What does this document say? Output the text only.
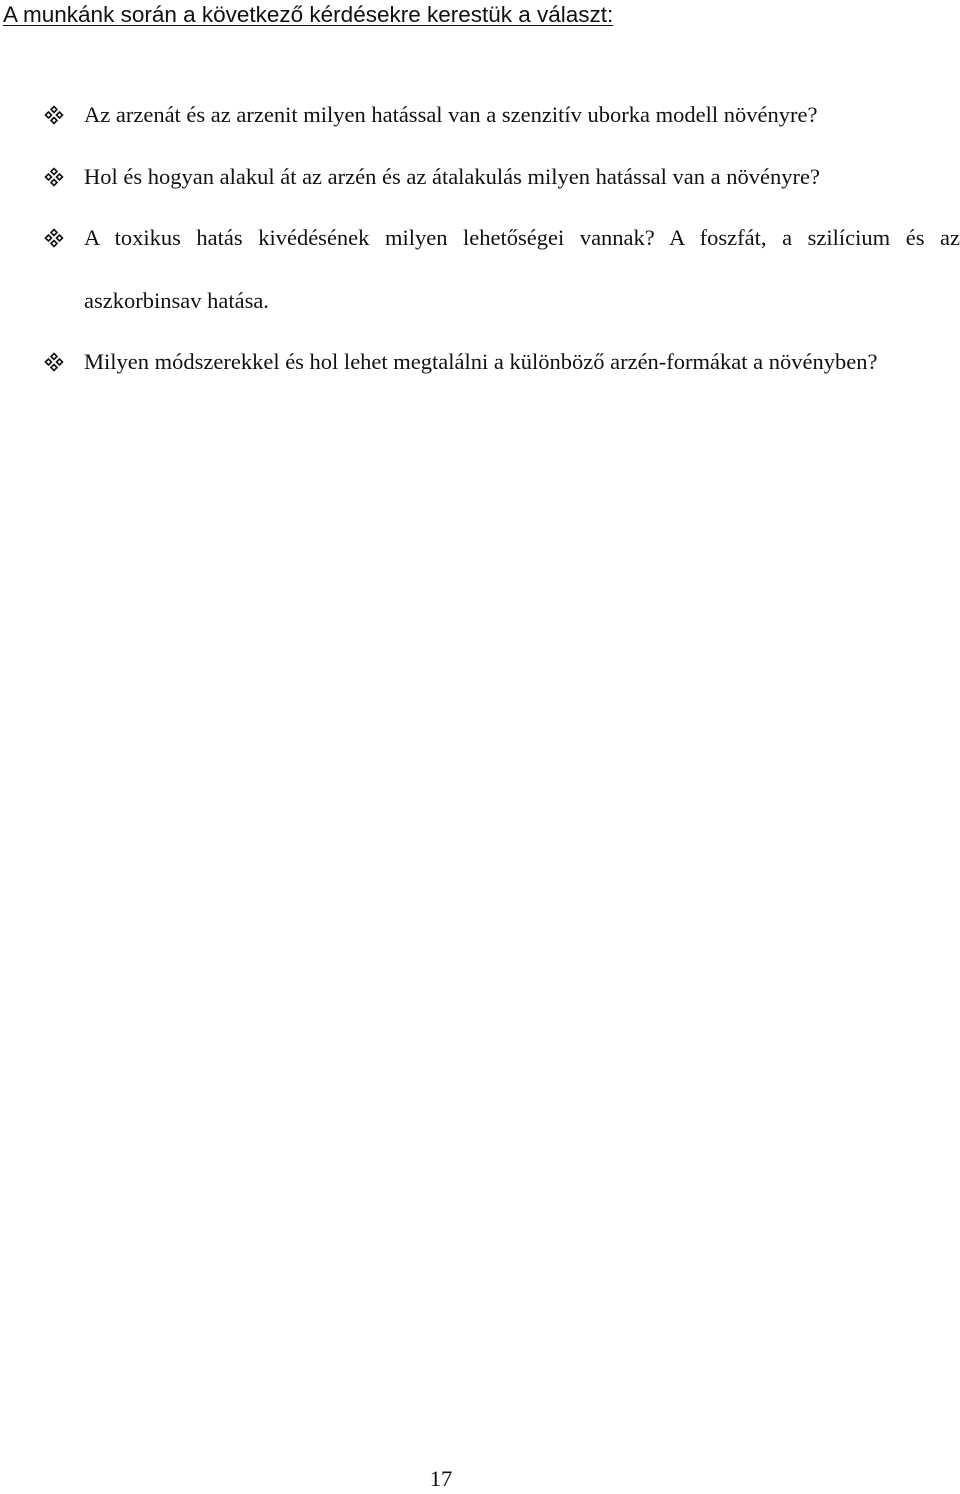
A munkánk során a következő kérdésekre kerestük a választ:
Az arzenát és az arzenit milyen hatással van a szenzitív uborka modell növényre?
Hol és hogyan alakul át az arzén és az átalakulás milyen hatással van a növényre?
A toxikus hatás kivédésének milyen lehetőségei vannak? A foszfát, a szilícium és az aszkorbinsav hatása.
Milyen módszerekkel és hol lehet megtalálni a különböző arzén-formákat a növényben?

17
